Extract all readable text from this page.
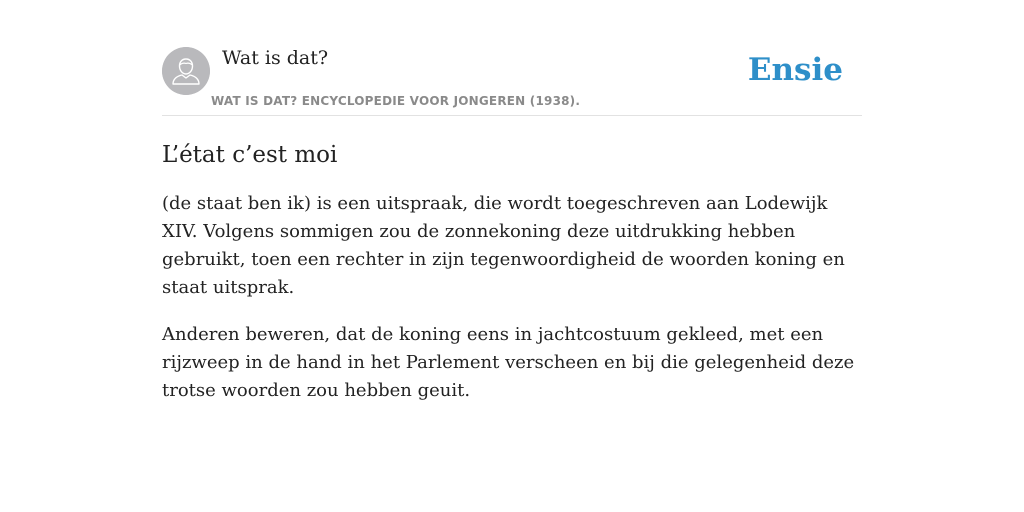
Wat is dat?
WAT IS DAT? ENCYCLOPEDIE VOOR JONGEREN (1938).
Ensie
L’état c’est moi

(de staat ben ik) is een uitspraak, die wordt toegeschreven aan Lodewijk XIV. Volgens sommigen zou de zonnekoning deze uitdrukking hebben gebruikt, toen een rechter in zijn tegenwoordigheid de woorden koning en staat uitsprak.

Anderen beweren, dat de koning eens in jachtcostuum gekleed, met een rijzweep in de hand in het Parlement verscheen en bij die gelegenheid deze trotse woorden zou hebben geuit.
